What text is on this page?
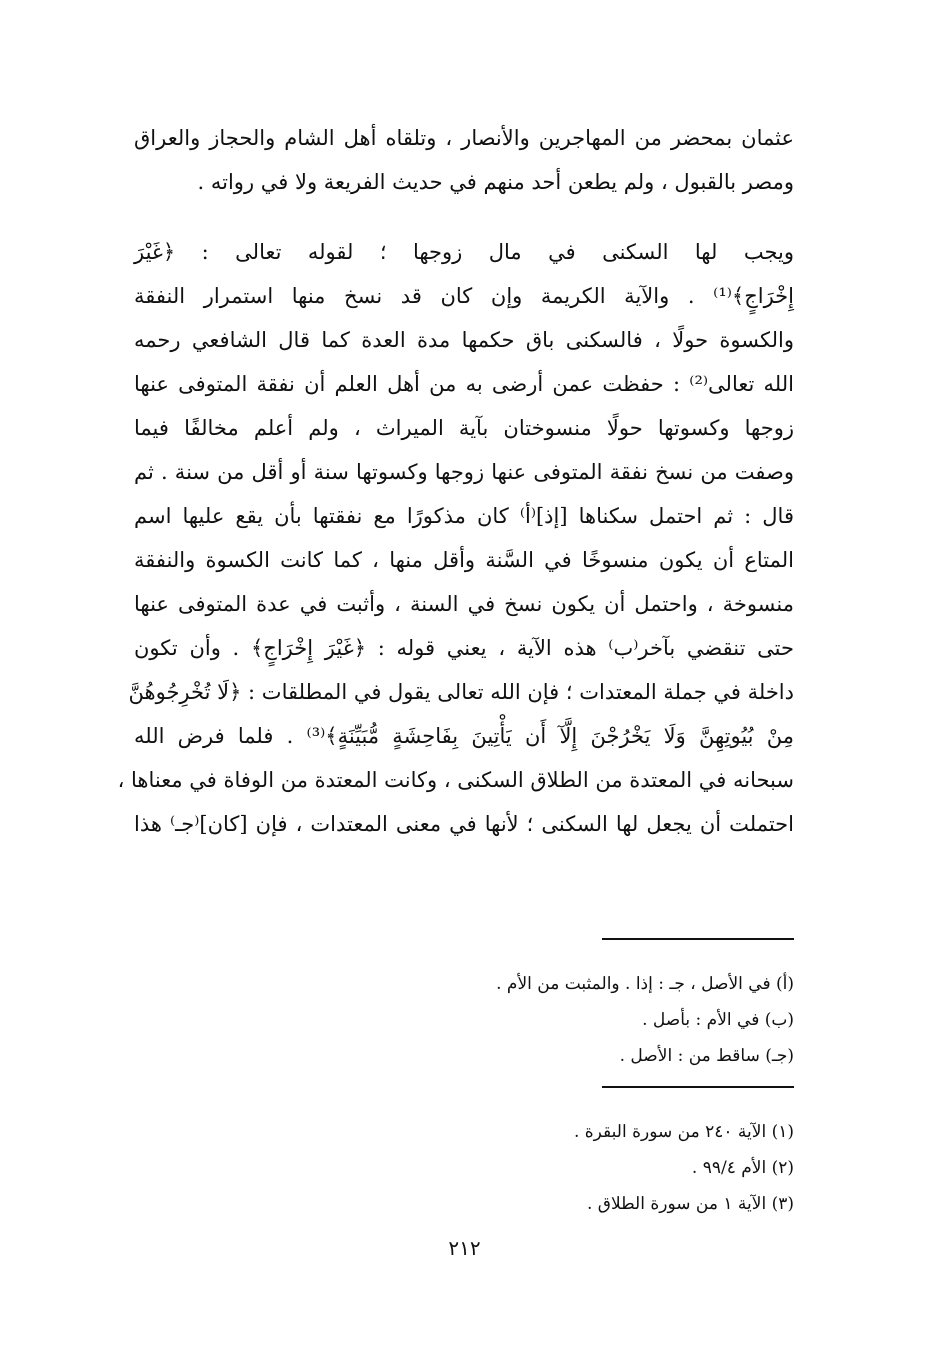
عثمان بمحضر من المهاجرين والأنصار ، وتلقاه أهل الشام والحجاز والعراق
ومصر بالقبول ، ولم يطعن أحد منهم في حديث الفريعة ولا في رواته .
ويجب لها السكنى في مال زوجها ؛ لقوله تعالى : ﴿غَيْرَ
إِخْرَاجٍ﴾⁽¹⁾ . والآية الكريمة وإن كان قد نسخ منها استمرار النفقة
والكسوة حولًا ، فالسكنى باق حكمها مدة العدة كما قال الشافعي رحمه
الله تعالى⁽²⁾ : حفظت عمن أرضى به من أهل العلم أن نفقة المتوفى عنها
زوجها وكسوتها حولًا منسوختان بآية الميراث ، ولم أعلم مخالفًا فيما
وصفت من نسخ نفقة المتوفى عنها زوجها وكسوتها سنة أو أقل من سنة . ثم
قال : ثم احتمل سكناها [إذ]⁽أ⁾ كان مذكورًا مع نفقتها بأن يقع عليها اسم
المتاع أن يكون منسوخًا في السَّنة وأقل منها ، كما كانت الكسوة والنفقة
منسوخة ، واحتمل أن يكون نسخ في السنة ، وأثبت في عدة المتوفى عنها
حتى تنقضي بآخر⁽ب⁾ هذه الآية ، يعني قوله : ﴿غَيْرَ إِخْرَاجٍ﴾ . وأن تكون
داخلة في جملة المعتدات ؛ فإن الله تعالى يقول في المطلقات : ﴿لَا تُخْرِجُوهُنَّ
مِنْ بُيُوتِهِنَّ وَلَا يَخْرُجْنَ إِلَّآ أَن يَأْتِينَ بِفَاحِشَةٍ مُّبَيِّنَةٍ﴾⁽³⁾ . فلما فرض الله
سبحانه في المعتدة من الطلاق السكنى ، وكانت المعتدة من الوفاة في معناها ،
احتملت أن يجعل لها السكنى ؛ لأنها في معنى المعتدات ، فإن [كان]⁽جـ⁾ هذا
(أ) في الأصل ، جـ : إذا . والمثبت من الأم .
(ب) في الأم : بأصل .
(جـ) ساقط من : الأصل .
(١) الآية ٢٤٠ من سورة البقرة .
(٢) الأم ٩٩/٤ .
(٣) الآية ١ من سورة الطلاق .
٢١٢
